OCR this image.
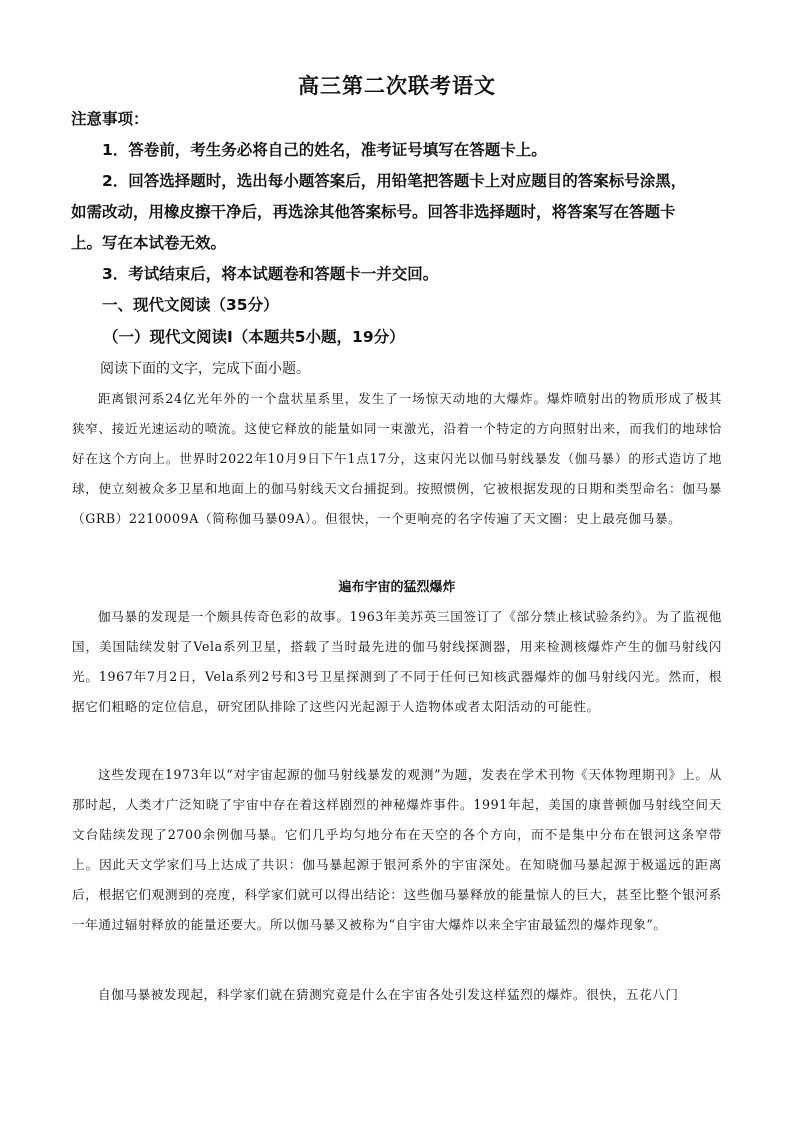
高三第二次联考语文

注意事项：

1．答卷前，考生务必将自己的姓名，准考证号填写在答题卡上。

2．回答选择题时，选出每小题答案后，用铅笔把答题卡上对应题目的答案标号涂黑，

如需改动，用橡皮擦干净后，再选涂其他答案标号。回答非选择题时，将答案写在答题卡

上。写在本试卷无效。

3．考试结束后，将本试题卷和答题卡一并交回。

一、现代文阅读（35分）

（一）现代文阅读Ⅰ（本题共5小题，19分）

阅读下面的文字，完成下面小题。

距离银河系24亿光年外的一个盘状星系里，发生了一场惊天动地的大爆炸。爆炸喷射出的物质形成了极其狭窄、接近光速运动的喷流。这使它释放的能量如同一束激光，沿着一个特定的方向照射出来，而我们的地球恰好在这个方向上。世界时2022年10月9日下午1点17分，这束闪光以伽马射线暴发（伽马暴）的形式造访了地球，使立刻被众多卫星和地面上的伽马射线天文台捕捉到。按照惯例，它被根据发现的日期和类型命名：伽马暴（GRB）2210009A（简称伽马暴09A）。但很快，一个更响亮的名字传遍了天文圈：史上最亮伽马暴。

遍布宇宙的猛烈爆炸

伽马暴的发现是一个颇具传奇色彩的故事。1963年美苏英三国签订了《部分禁止核试验条约》。为了监视他国，美国陆续发射了Vela系列卫星，搭载了当时最先进的伽马射线探测器，用来检测核爆炸产生的伽马射线闪光。1967年7月2日，Vela系列2号和3号卫星探测到了不同于任何已知核武器爆炸的伽马射线闪光。然而，根据它们粗略的定位信息，研究团队排除了这些闪光起源于人造物体或者太阳活动的可能性。

这些发现在1973年以“对宇宙起源的伽马射线暴发的观测”为题，发表在学术刊物《天体物理期刊》上。从那时起，人类才广泛知晓了宇宙中存在着这样剧烈的神秘爆炸事件。1991年起，美国的康普顿伽马射线空间天文台陆续发现了2700余例伽马暴。它们几乎均匀地分布在天空的各个方向，而不是集中分布在银河这条窄带上。因此天文学家们马上达成了共识：伽马暴起源于银河系外的宇宙深处。在知晓伽马暴起源于极遥远的距离后，根据它们观测到的亮度，科学家们就可以得出结论：这些伽马暴释放的能量惊人的巨大，甚至比整个银河系一年通过辐射释放的能量还要大。所以伽马暴又被称为“自宇宙大爆炸以来全宇宙最猛烈的爆炸现象”。

自伽马暴被发现起，科学家们就在猜测究竟是什么在宇宙各处引发这样猛烈的爆炸。很快，五花八门
